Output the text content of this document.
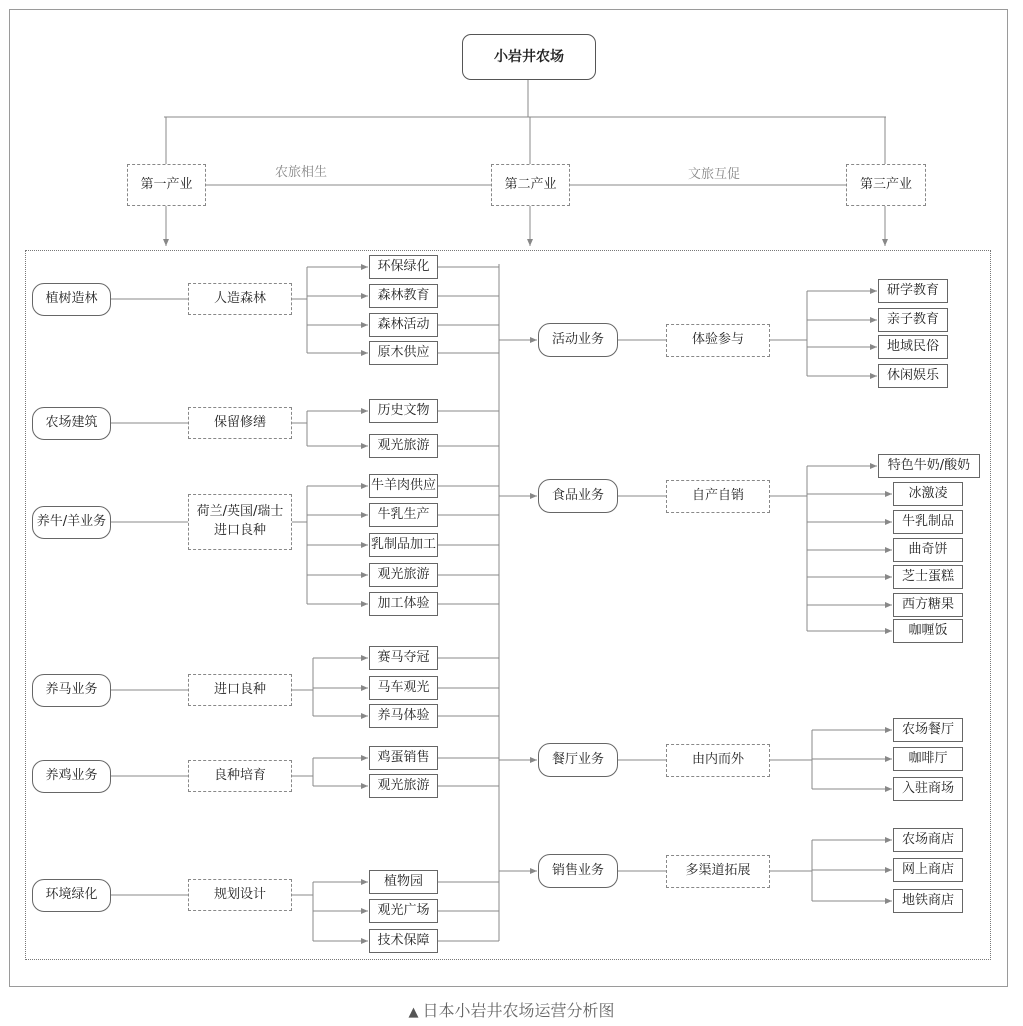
小岩井农场
第一产业	第二产业	第三产业
植树造林	人造森林
环保绿化
森林教育
森林活动
原木供应
农场建筑	保留修缮
历史文物
观光旅游
养牛/羊业务
荷兰/英国/瑞士
进口良种
牛羊肉供应
牛乳生产
乳制品加工
观光旅游
加工体验
养马业务	进口良种
赛马夺冠
马车观光
养马体验
养鸡业务	良种培育
鸡蛋销售
观光旅游
环境绿化	规划设计
植物园
观光广场
技术保障
活动业务	体验参与
研学教育
亲子教育
地域民俗
休闲娱乐
食品业务	自产自销
特色牛奶/酸奶
冰激凌
牛乳制品
曲奇饼
芝士蛋糕
西方糖果
咖喱饭
餐厅业务	由内而外
农场餐厅
咖啡厅
入驻商场
销售业务	多渠道拓展
农场商店
网上商店
地铁商店
农旅相生	文旅互促
▲ 日本小岩井农场运营分析图
